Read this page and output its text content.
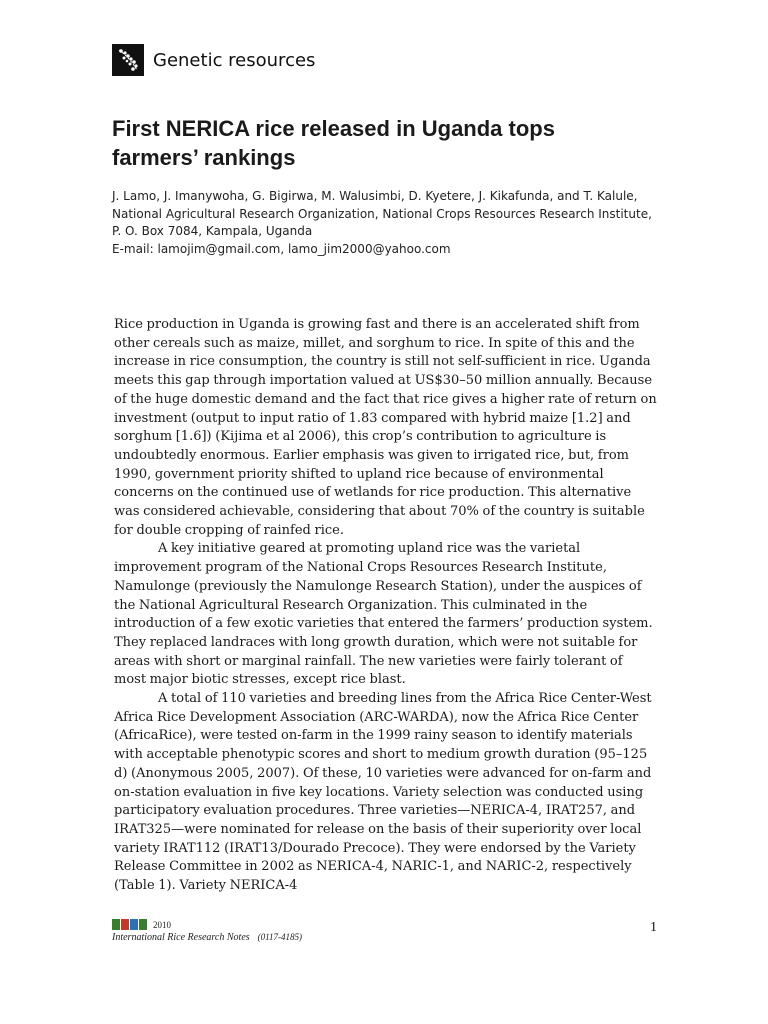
Genetic resources
First NERICA rice released in Uganda tops farmers’ rankings
J. Lamo, J. Imanywoha, G. Bigirwa, M. Walusimbi, D. Kyetere, J. Kikafunda, and T. Kalule,
National Agricultural Research Organization, National Crops Resources Research Institute,
P. O. Box 7084, Kampala, Uganda
E-mail: lamojim@gmail.com, lamo_jim2000@yahoo.com

Rice production in Uganda is growing fast and there is an accelerated shift from other cereals such as maize, millet, and sorghum to rice. In spite of this and the increase in rice consumption, the country is still not self-sufficient in rice. Uganda meets this gap through importation valued at US$30–50 million annually. Because of the huge domestic demand and the fact that rice gives a higher rate of return on investment (output to input ratio of 1.83 compared with hybrid maize [1.2] and sorghum [1.6]) (Kijima et al 2006), this crop’s contribution to agriculture is undoubtedly enormous. Earlier emphasis was given to irrigated rice, but, from 1990, government priority shifted to upland rice because of environmental concerns on the continued use of wetlands for rice production. This alternative was considered achievable, considering that about 70% of the country is suitable for double cropping of rainfed rice.

A key initiative geared at promoting upland rice was the varietal improvement program of the National Crops Resources Research Institute, Namulonge (previously the Namulonge Research Station), under the auspices of the National Agricultural Research Organization. This culminated in the introduction of a few exotic varieties that entered the farmers’ production system. They replaced landraces with long growth duration, which were not suitable for areas with short or marginal rainfall. The new varieties were fairly tolerant of most major biotic stresses, except rice blast.

A total of 110 varieties and breeding lines from the Africa Rice Center-West Africa Rice Development Association (ARC-WARDA), now the Africa Rice Center (AfricaRice), were tested on-farm in the 1999 rainy season to identify materials with acceptable phenotypic scores and short to medium growth duration (95–125 d) (Anonymous 2005, 2007). Of these, 10 varieties were advanced for on-farm and on-station evaluation in five key locations. Variety selection was conducted using participatory evaluation procedures. Three varieties—NERICA-4, IRAT257, and IRAT325—were nominated for release on the basis of their superiority over local variety IRAT112 (IRAT13/Dourado Precoce). They were endorsed by the Variety Release Committee in 2002 as NERICA-4, NARIC-1, and NARIC-2, respectively (Table 1). Variety NERICA-4

2010
International Rice Research Notes (0117-4185)
1
